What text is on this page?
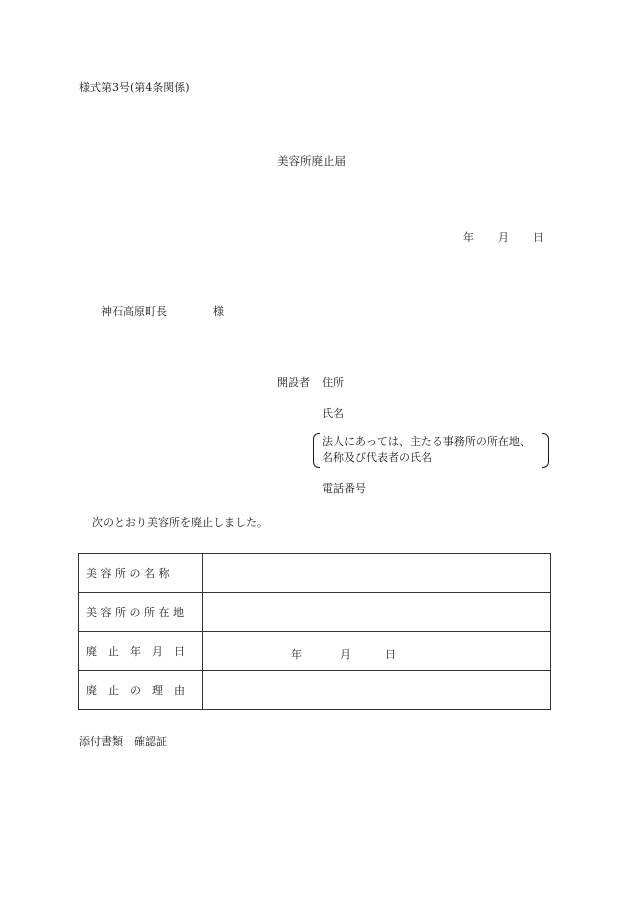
様式第3号(第4条関係)
美容所廃止届
年 月 日
神石高原町長	様
開設者 住所
氏名
法人にあっては、主たる事務所の所在地、
名称及び代表者の氏名
電話番号
次のとおり美容所を廃止しました。
美 容 所 の 名 称	
美 容 所 の 所 在 地	
廃　止　年　月　日	年 月 日

廃　止　の　理　由	
添付書類　確認証
